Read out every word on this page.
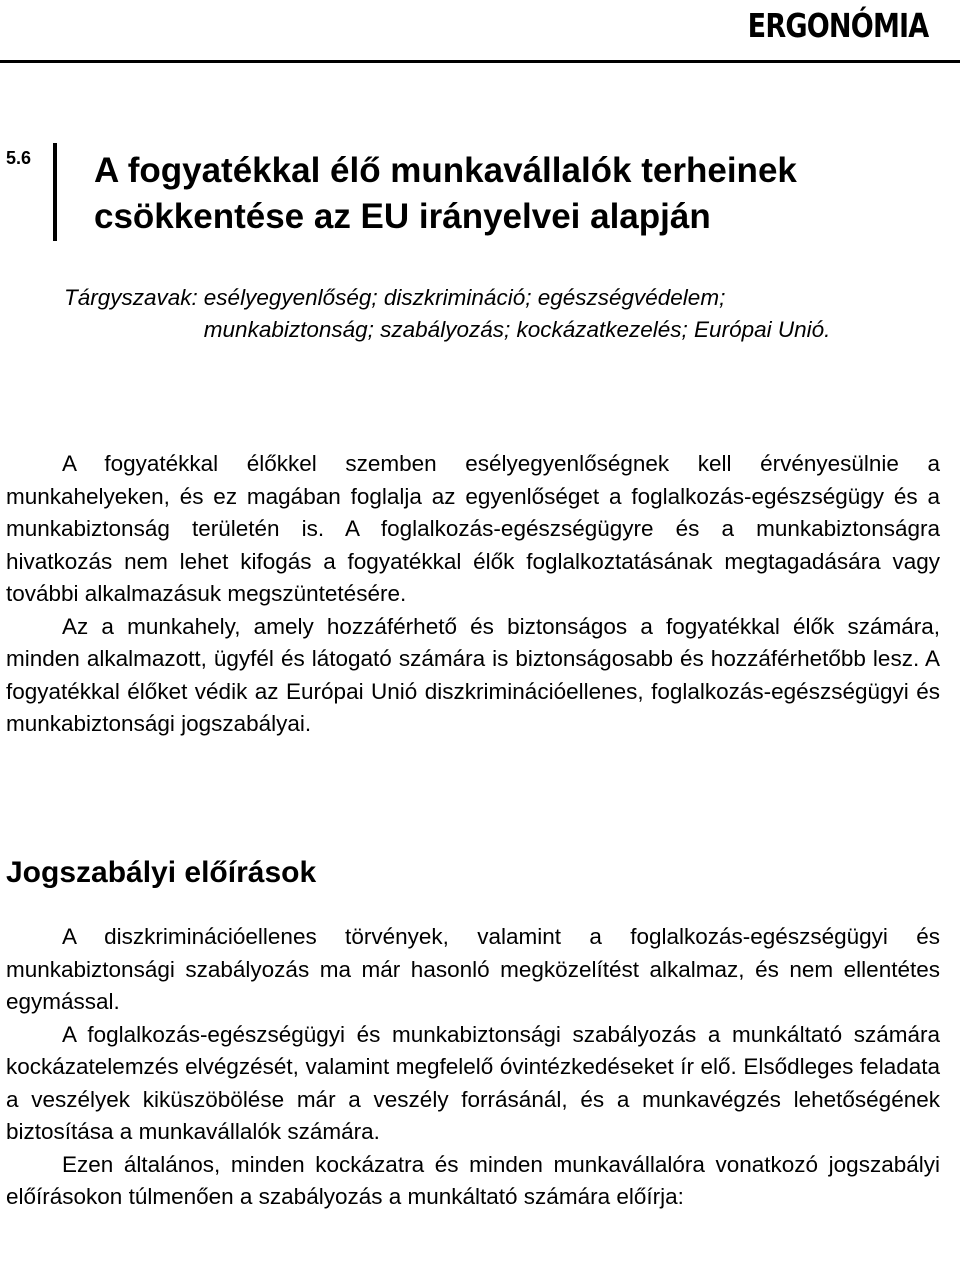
ERGONÓMIA
5.6 A fogyatékkal élő munkavállalók terheinek csökkentése az EU irányelvei alapján
Tárgyszavak: esélyegyenlőség; diszkrimináció; egészségvédelem; munkabiztonság; szabályozás; kockázatkezelés; Európai Unió.

A fogyatékkal élőkkel szemben esélyegyenlőségnek kell érvényesülnie a munkahelyeken, és ez magában foglalja az egyenlőséget a foglalkozás-egészségügy és a munkabiztonság területén is. A foglalkozás-egészségügyre és a munkabiztonságra hivatkozás nem lehet kifogás a fogyatékkal élők foglalkoztatásának megtagadására vagy további alkalmazásuk megszüntetésére.

Az a munkahely, amely hozzáférhető és biztonságos a fogyatékkal élők számára, minden alkalmazott, ügyfél és látogató számára is biztonságosabb és hozzáférhetőbb lesz. A fogyatékkal élőket védik az Európai Unió diszkriminációellenes, foglalkozás-egészségügyi és munkabiztonsági jogszabályai.

Jogszabályi előírások

A diszkriminációellenes törvények, valamint a foglalkozás-egészségügyi és munkabiztonsági szabályozás ma már hasonló megközelítést alkalmaz, és nem ellentétes egymással.

A foglalkozás-egészségügyi és munkabiztonsági szabályozás a munkáltató számára kockázatelemzés elvégzését, valamint megfelelő óvintézkedéseket ír elő. Elsődleges feladata a veszélyek kiküszöbölése már a veszély forrásánál, és a munkavégzés lehetőségének biztosítása a munkavállalók számára.

Ezen általános, minden kockázatra és minden munkavállalóra vonatkozó jogszabályi előírásokon túlmenően a szabályozás a munkáltató számára előírja:
